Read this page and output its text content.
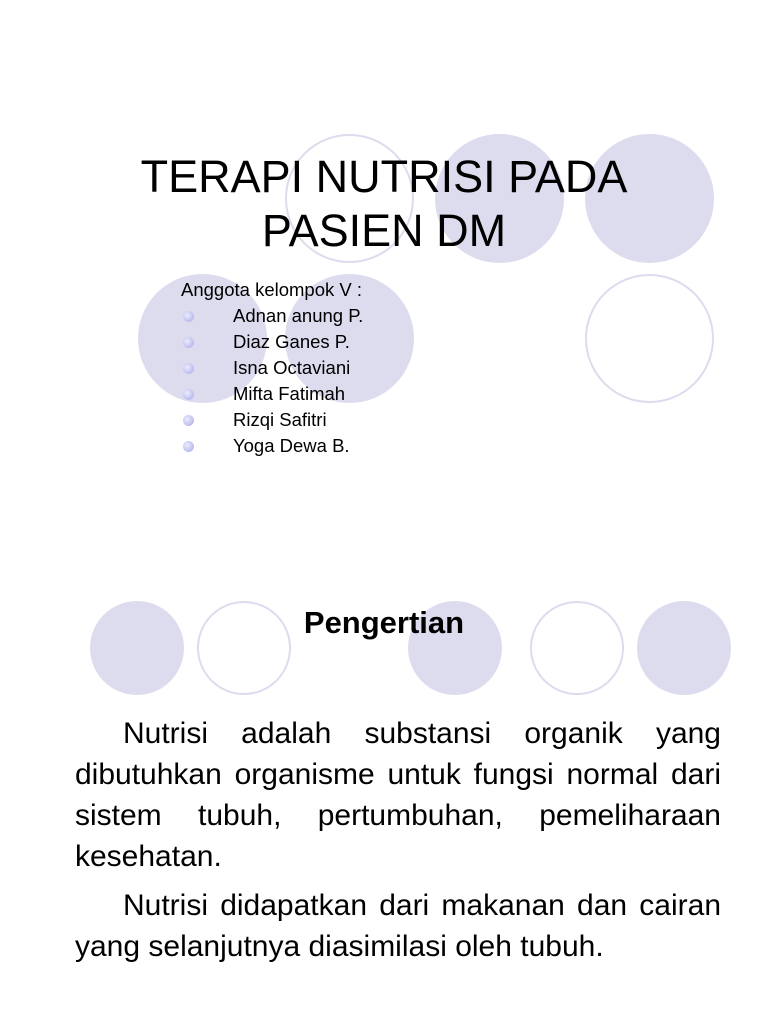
TERAPI NUTRISI PADA PASIEN DM
Anggota kelompok V :
Adnan anung P.
Diaz Ganes P.
Isna Octaviani
Mifta Fatimah
Rizqi Safitri
Yoga Dewa B.
Pengertian

Nutrisi adalah substansi organik yang dibutuhkan organisme untuk fungsi normal dari sistem tubuh, pertumbuhan, pemeliharaan kesehatan.

Nutrisi didapatkan dari makanan dan cairan yang selanjutnya diasimilasi oleh tubuh.
